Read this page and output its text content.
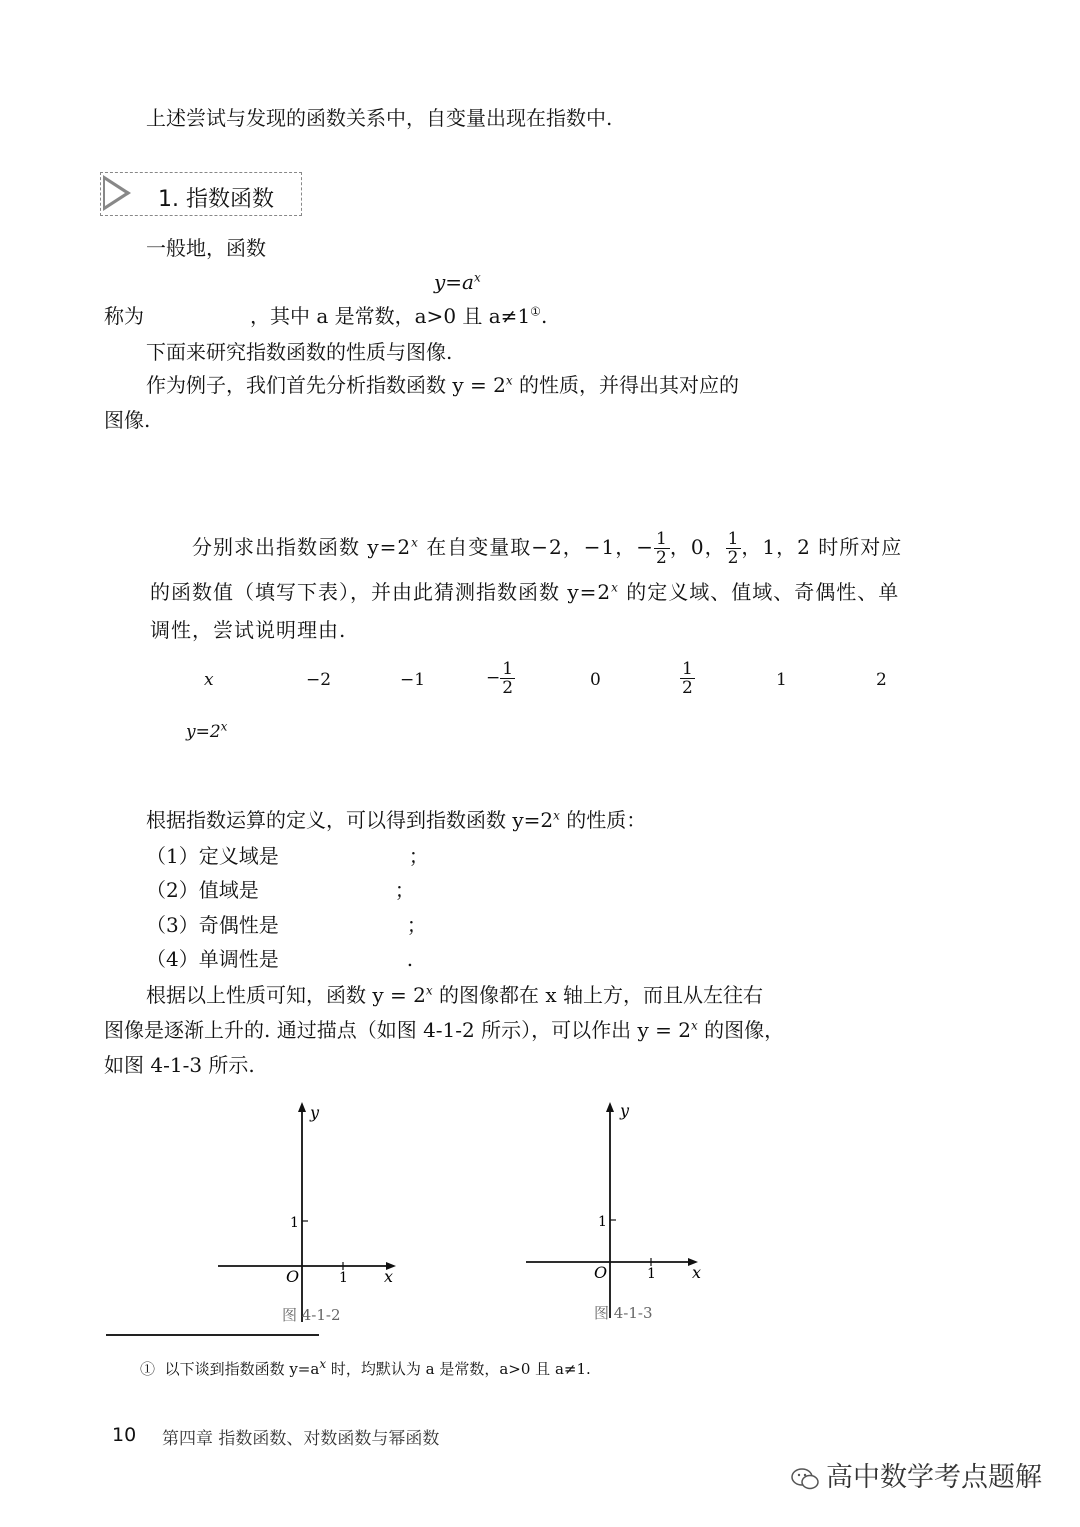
上述尝试与发现的函数关系中，自变量出现在指数中.
1. 指数函数
一般地，函数
$y=a^x$
称为	，其中 a 是常数，a>0 且 a≠1①.
下面来研究指数函数的性质与图像.
作为例子，我们首先分析指数函数 $y = 2^x$ 的性质，并得出其对应的
图像.
分别求出指数函数 $y=2^x$ 在自变量取−2，−1，− $\frac{1}{2}$ ，0， $\frac{1}{2}$ ，1，2 时所对应
的函数值（填写下表），并由此猜测指数函数 $y=2^x$ 的定义域、值域、奇偶性、单
调性，尝试说明理由.
x	−2	−1	− $\frac{1}{2}$	0	$\frac{1}{2}$	1	2
$y=2^x$
根据指数运算的定义，可以得到指数函数 $y=2^x$ 的性质：
（1）定义域是	；
（2）值域是	；
（3）奇偶性是	；
（4）单调性是	.
根据以上性质可知，函数 $y = 2^x$ 的图像都在 x 轴上方，而且从左往右
图像是逐渐上升的. 通过描点（如图 4-1-2 所示），可以作出 $y = 2^x$ 的图像，
如图 4-1-3 所示.
y
x
O	1
1
图 4-1-2
y
x
O	1
1
图 4-1-3
① 以下谈到指数函数 $y=a^x$ 时，均默认为 a 是常数，a>0 且 a≠1.
10 第四章 指数函数、对数函数与幂函数
高中数学考点题解
